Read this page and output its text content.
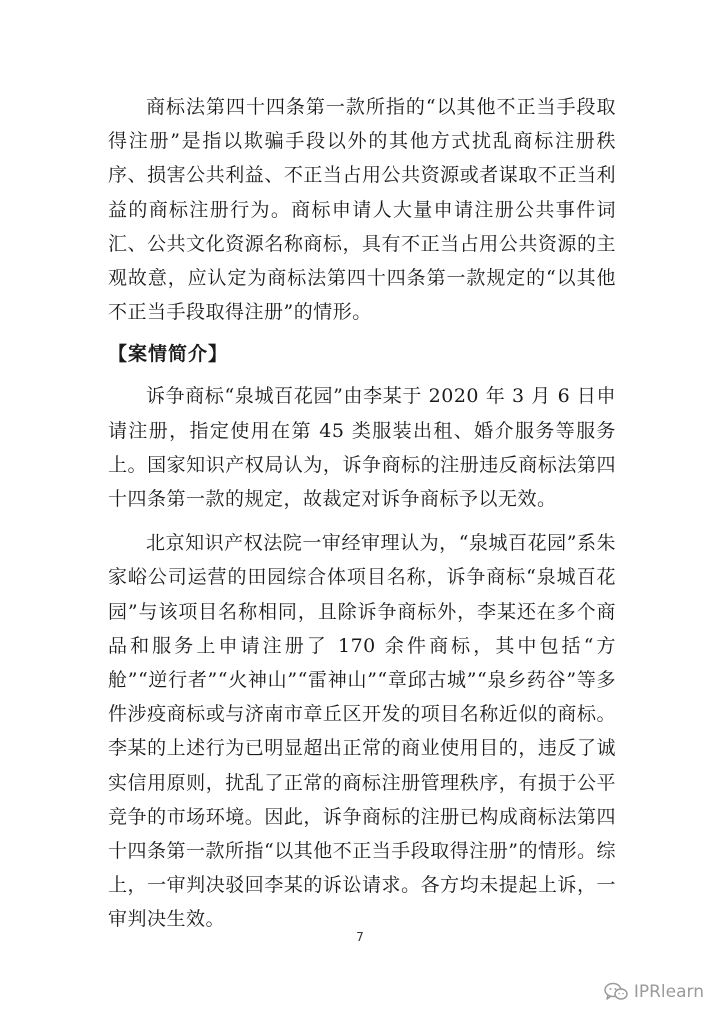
商标法第四十四条第一款所指的“以其他不正当手段取得注册”是指以欺骗手段以外的其他方式扰乱商标注册秩序、损害公共利益、不正当占用公共资源或者谋取不正当利益的商标注册行为。商标申请人大量申请注册公共事件词汇、公共文化资源名称商标，具有不正当占用公共资源的主观故意，应认定为商标法第四十四条第一款规定的“以其他不正当手段取得注册”的情形。

【案情简介】

诉争商标“泉城百花园”由李某于 2020 年 3 月 6 日申请注册，指定使用在第 45 类服装出租、婚介服务等服务上。国家知识产权局认为，诉争商标的注册违反商标法第四十四条第一款的规定，故裁定对诉争商标予以无效。

北京知识产权法院一审经审理认为，“泉城百花园”系朱家峪公司运营的田园综合体项目名称，诉争商标“泉城百花园”与该项目名称相同，且除诉争商标外，李某还在多个商品和服务上申请注册了 170 余件商标，其中包括“方舱”“逆行者”“火神山”“雷神山”“章邱古城”“泉乡药谷”等多件涉疫商标或与济南市章丘区开发的项目名称近似的商标。李某的上述行为已明显超出正常的商业使用目的，违反了诚实信用原则，扰乱了正常的商标注册管理秩序，有损于公平竞争的市场环境。因此，诉争商标的注册已构成商标法第四十四条第一款所指“以其他不正当手段取得注册”的情形。综上，一审判决驳回李某的诉讼请求。各方均未提起上诉，一审判决生效。

7
IPRlearn
